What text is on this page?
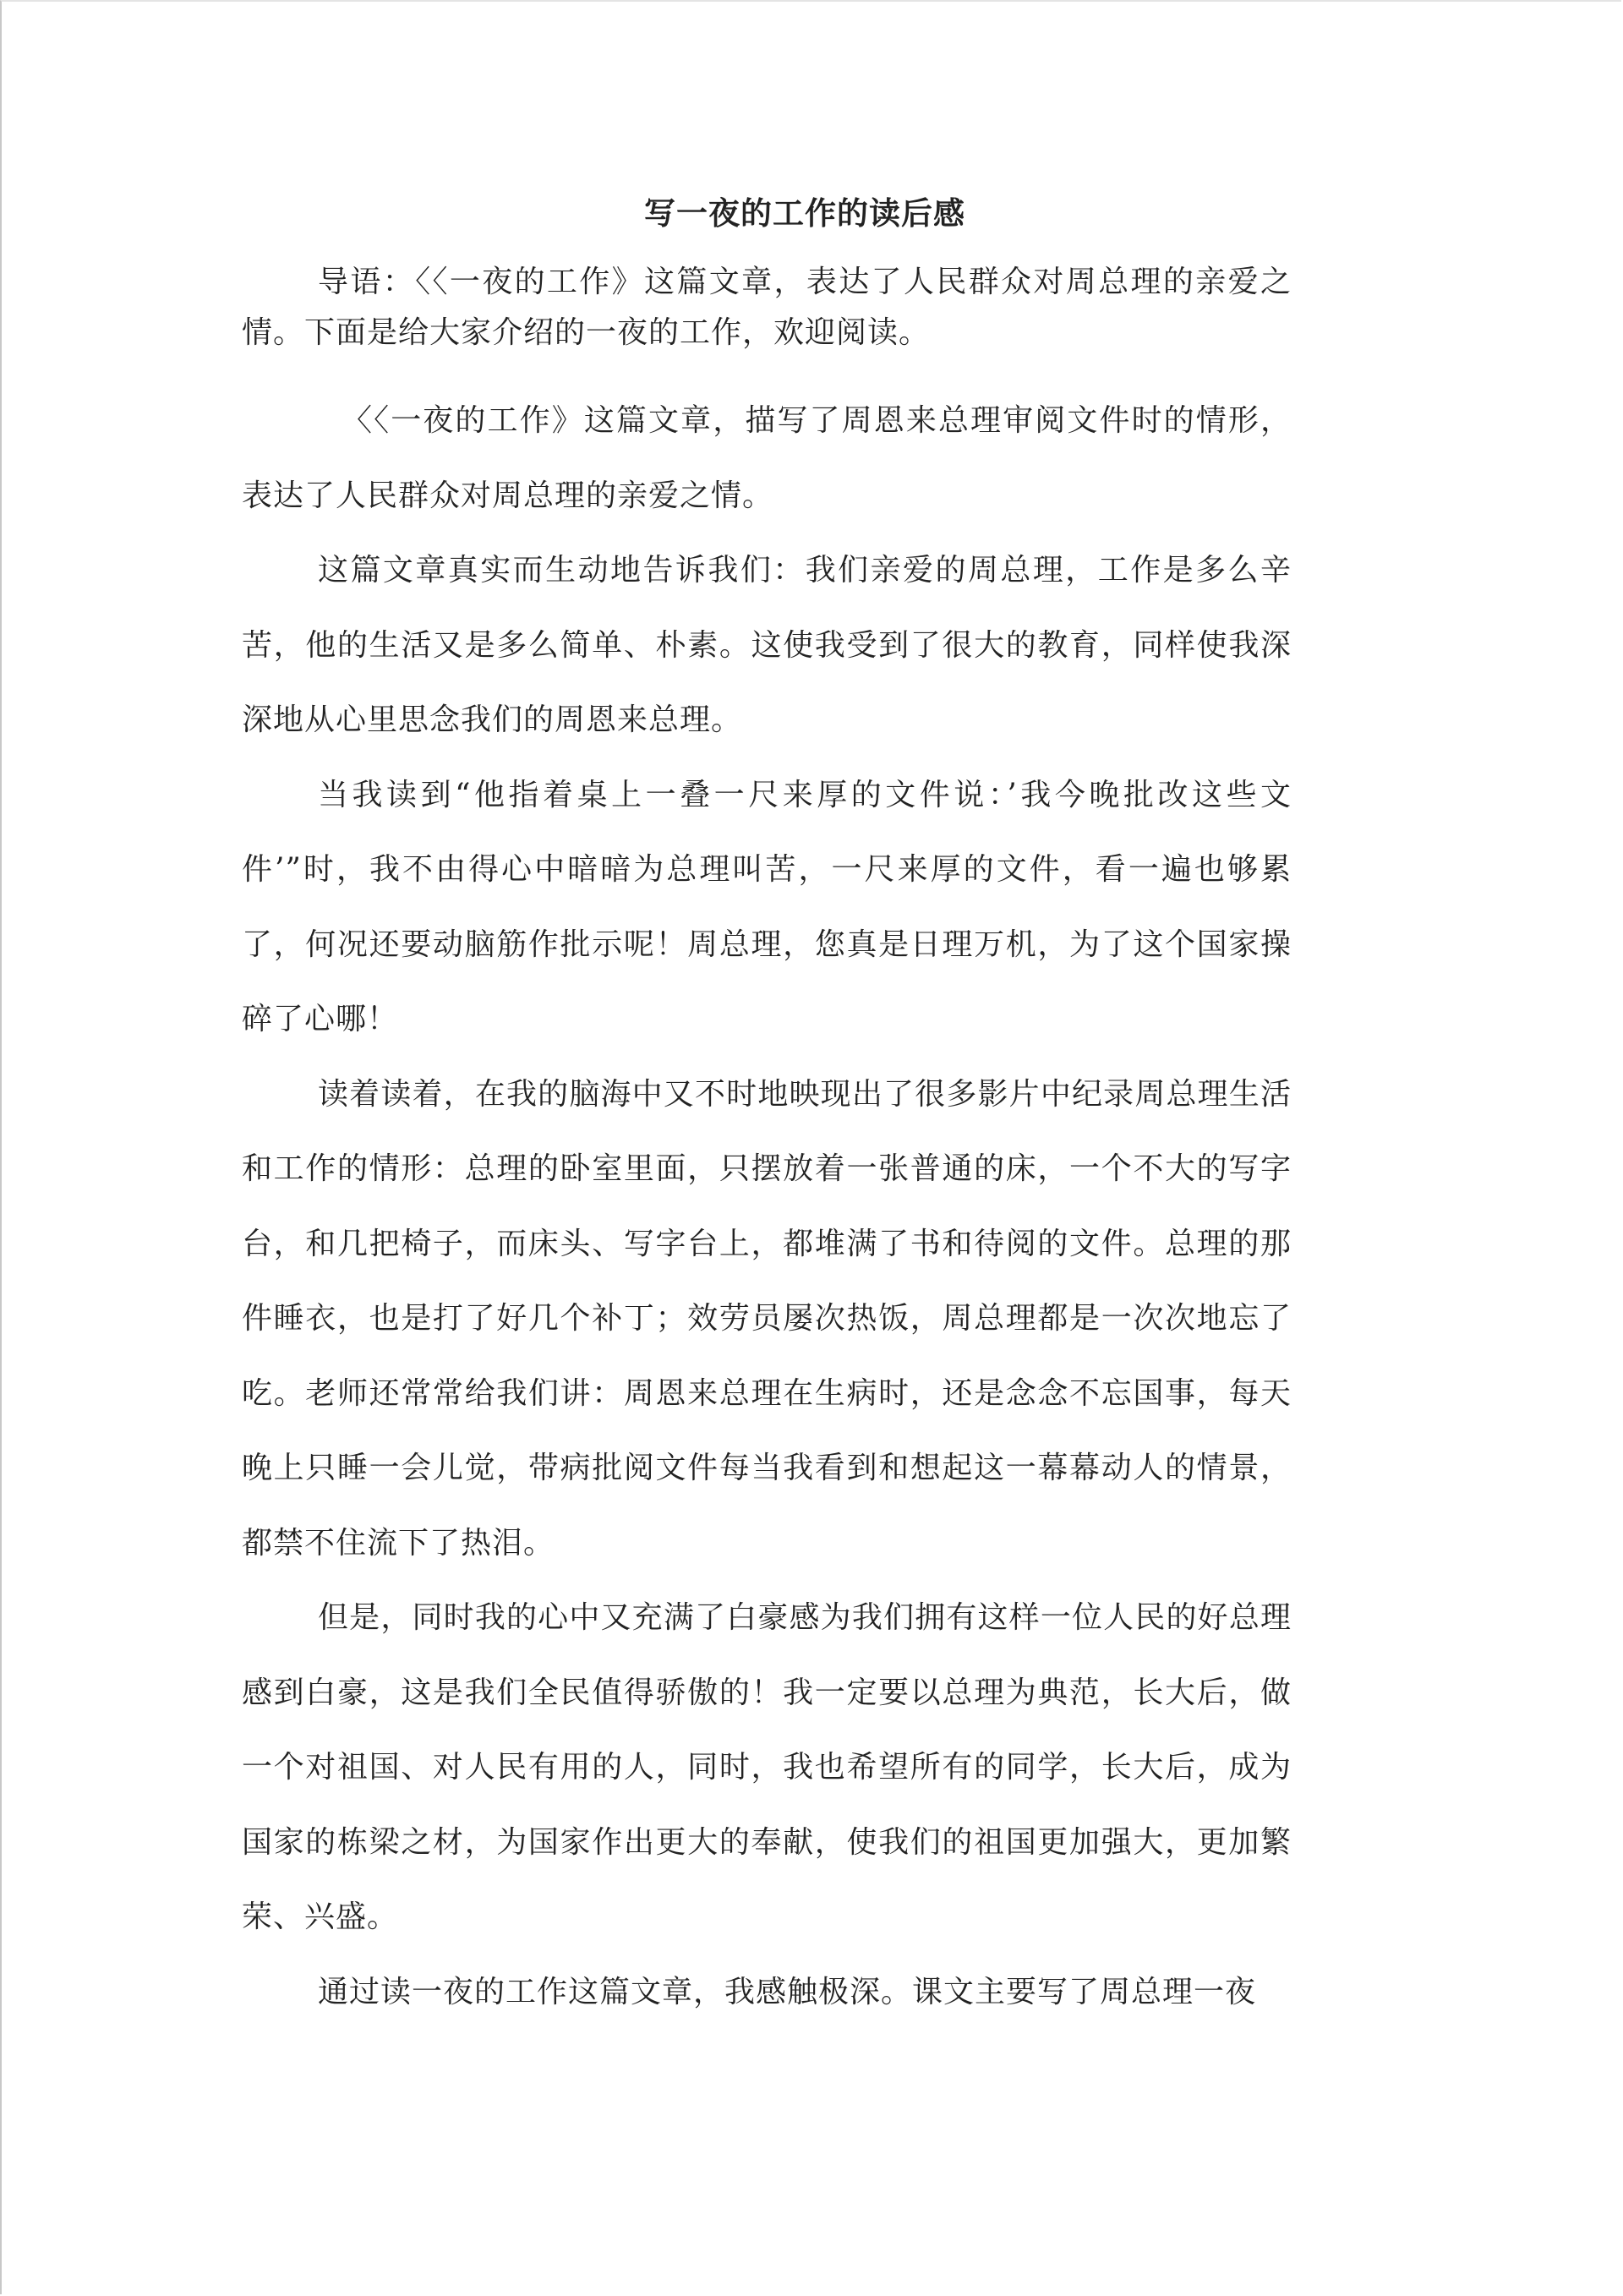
写一夜的工作的读后感

导语：〈〈一夜的工作》这篇文章，表达了人民群众对周总理的亲爱之情。下面是给大家介绍的一夜的工作，欢迎阅读。

〈〈一夜的工作》这篇文章，描写了周恩来总理审阅文件时的情形，表达了人民群众对周总理的亲爱之情。

这篇文章真实而生动地告诉我们：我们亲爱的周总理，工作是多么辛苦，他的生活又是多么简单、朴素。这使我受到了很大的教育，同样使我深深地从心里思念我们的周恩来总理。

当我读到“他指着桌上一叠一尺来厚的文件说：’我今晚批改这些文件’”时，我不由得心中暗暗为总理叫苦，一尺来厚的文件，看一遍也够累了，何况还要动脑筋作批示呢！周总理，您真是日理万机，为了这个国家操碎了心哪！

读着读着，在我的脑海中又不时地映现出了很多影片中纪录周总理生活和工作的情形：总理的卧室里面，只摆放着一张普通的床，一个不大的写字台，和几把椅子，而床头、写字台上，都堆满了书和待阅的文件。总理的那件睡衣，也是打了好几个补丁；效劳员屡次热饭，周总理都是一次次地忘了吃。老师还常常给我们讲：周恩来总理在生病时，还是念念不忘国事，每天晚上只睡一会儿觉，带病批阅文件每当我看到和想起这一幕幕动人的情景，都禁不住流下了热泪。

但是，同时我的心中又充满了白豪感为我们拥有这样一位人民的好总理感到白豪，这是我们全民值得骄傲的！我一定要以总理为典范，长大后，做一个对祖国、对人民有用的人，同时，我也希望所有的同学，长大后，成为国家的栋梁之材，为国家作出更大的奉献，使我们的祖国更加强大，更加繁荣、兴盛。

通过读一夜的工作这篇文章，我感触极深。课文主要写了周总理一夜
